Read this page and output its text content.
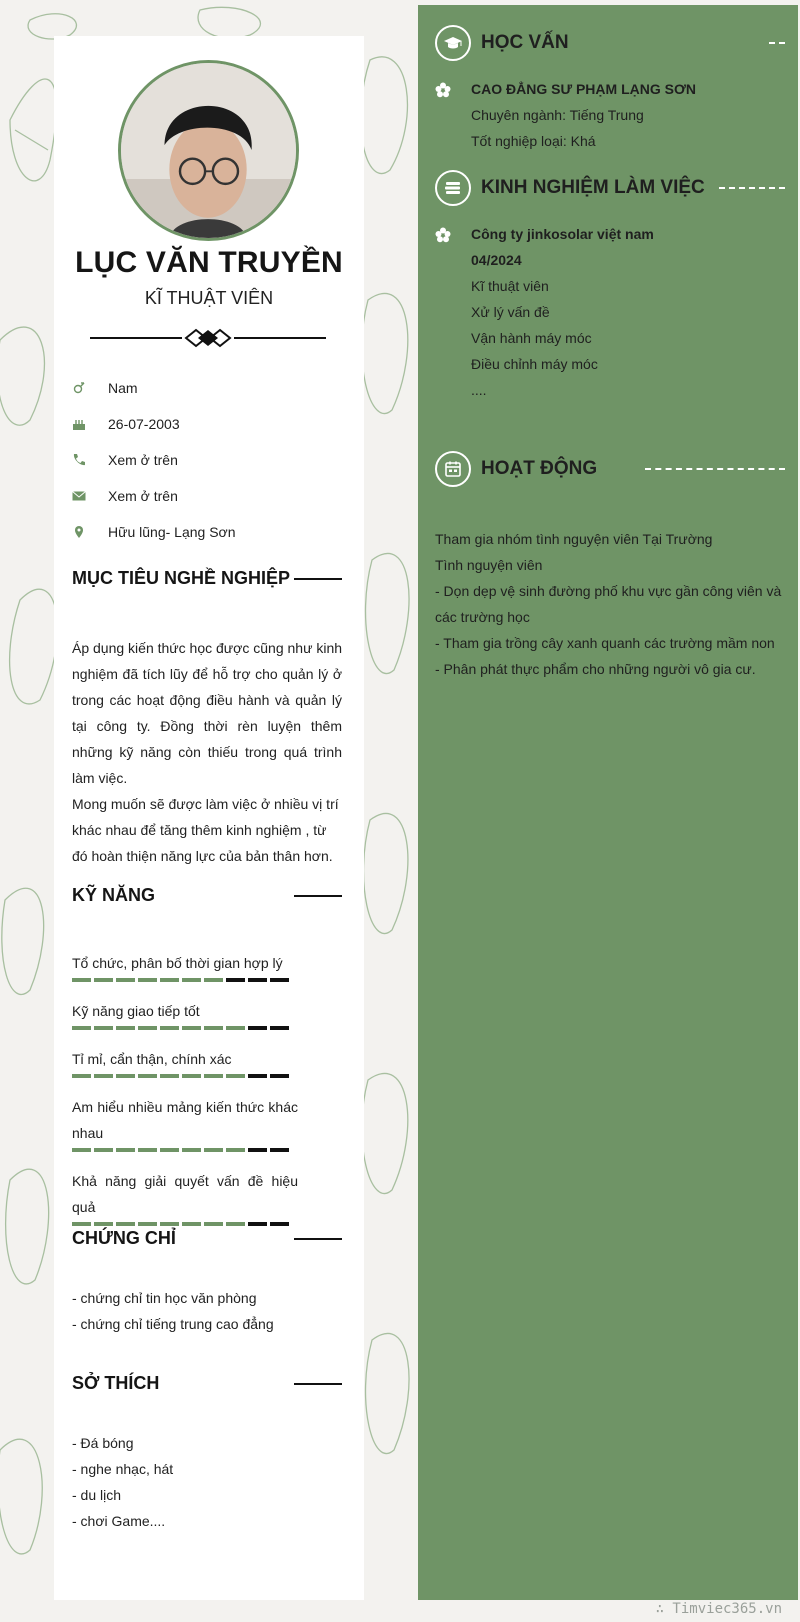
LỤC VĂN TRUYỀN
KĨ THUẬT VIÊN
Nam
26-07-2003
Xem ở trên
Xem ở trên
Hữu lũng- Lạng Sơn
MỤC TIÊU NGHỀ NGHIỆP

Áp dụng kiến thức học được cũng như kinh nghiệm đã tích lũy để hỗ trợ cho quản lý ở trong các hoạt động điều hành và quản lý tại công ty. Đồng thời rèn luyện thêm những kỹ năng còn thiếu trong quá trình làm việc.

Mong muốn sẽ được làm việc ở nhiều vị trí khác nhau để tăng thêm kinh nghiệm , từ đó hoàn thiện năng lực của bản thân hơn.

KỸ NĂNG
Tổ chức, phân bố thời gian hợp lý
Kỹ năng giao tiếp tốt
Tỉ mỉ, cẩn thận, chính xác
Am hiểu nhiều mảng kiến thức khác nhau
Khả năng giải quyết vấn đề hiệu quả
CHỨNG CHỈ
- chứng chỉ tin học văn phòng
- chứng chỉ tiếng trung cao đẳng
SỞ THÍCH
- Đá bóng
- nghe nhạc, hát
- du lịch
- chơi Game....
HỌC VẤN
CAO ĐẲNG SƯ PHẠM LẠNG SƠN
Chuyên ngành: Tiếng Trung
Tốt nghiệp loại: Khá
KINH NGHIỆM LÀM VIỆC
Công ty jinkosolar việt nam
04/2024
Kĩ thuật viên
Xử lý vấn đề
Vận hành máy móc
Điều chỉnh máy móc
....
HOẠT ĐỘNG
Tham gia nhóm tình nguyện viên Tại Trường
Tình nguyện viên
- Dọn dẹp vệ sinh đường phố khu vực gần công viên và các trường học
- Tham gia trồng cây xanh quanh các trường mầm non
- Phân phát thực phẩm cho những người vô gia cư.
∴ Timviec365.vn
